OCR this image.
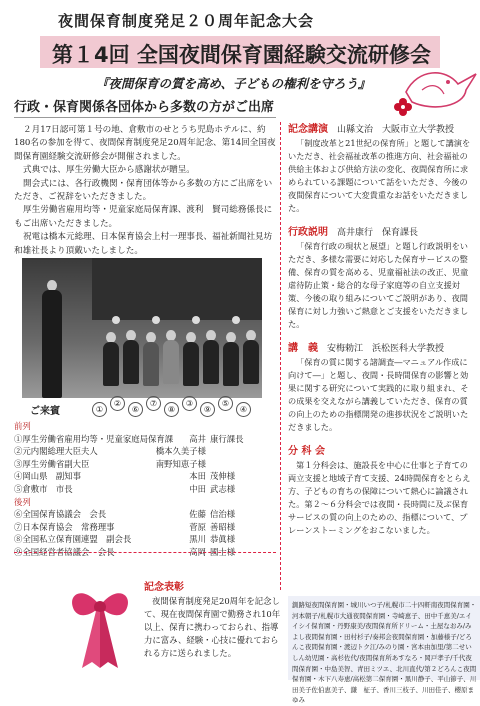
夜間保育制度発足２０周年記念大会
第１4回 全国夜間保育園経験交流研修会
『夜間保育の質を高め、子どもの権利を守ろう』
行政・保育関係各団体から多数の方がご出席

２月17日認可第１号の地、倉敷市のせとうち児島ホテルに、約180名の参加を得て、夜間保育制度発足20周年記念、第14回全国夜間保育園経験交流研修会が開催されました。

式典では、厚生労働大臣から感謝状が贈呈。

開会式には、各行政機関・保育団体等から多数の方にご出席をいただき、ご祝辞をいただきました。

厚生労働省雇用均等・児童家庭局保育課、渡利　賢司総務係長にもご出席いただきました。

祝電は橋本元総理、日本保育協会上村一理事長、福祉新聞社見坊和雄社長より頂戴いたしました。

ご来賓	①
②
⑥
⑦
⑧
③
⑨
⑤
④
前列
①厚生労働省雇用均等・児童家庭局保育課	高井 康行課長
②元内閣総理大臣夫人	橋本久美子様
③厚生労働省副大臣	南野知恵子様
④岡山県　副知事	本田 茂伸様
⑤倉敷市　市長	中田 武志様
後列
⑥全国保育協議会　会長	佐藤 信治様
⑦日本保育協会　常務理事	菅原 善昭様
⑧全国私立保育園連盟　副会長	黒川 恭眞様
⑨全国経営者協議会　会長	高岡 國士様
記念講演　 山縣文治　 大阪市立大学教授

「制度改革と21世紀の保育所」と題して講演をいただき、社会福祉改革の推進方向、社会福祉の供給主体および供給方法の変化、夜間保育所に求められている課題について話をいただき、今後の夜間保育について大変貴重なお話をいただきました。

行政説明　 高井康行　 保育課長

「保育行政の現状と展望」と題し行政説明をいただき、多様な需要に対応した保育サービスの整備、保育の質を高める、児童福祉法の改正、児童虐待防止策・総合的な母子家庭等の自立支援対策、今後の取り組みについてご説明があり、夜間保育に対し力強いご熱意とご支援をいただきました。

講　義　 安梅勅江　 浜松医科大学教授

「保育の質に関する諸調査―マニュアル作成に向けて―」と題し、夜間・長時間保育の影響と効果に関する研究について実践的に取り組まれ、その成果を交えながら講義していただき、保育の質の向上のための指標開発の進捗状況をご説明いただきました。

分 科 会

第１分科会は、施設長を中心に仕事と子育ての両立支援と地域子育て支援、24時間保育をとらえ方、子どもの育ちの保障について熱心に論議された。第２～６分科会では夜間・長時間に及ぶ保育サービスの質の向上のための、指標について、プレーンストーミングをおこないました。

記念表彰

夜間保育制度発足20周年を記念して、現在夜間保育園で勤務され10年以上、保育に携わっておられ、指導力に富み、経験・心技に優れておられる方に送られました。

釧路短夜間保育園・城川いつ子/札幌市二十四軒南夜間保育園・河本朝子/札幌市大通夜間保育園・寺崎恵子、田中千恵美/エイイシイ保育園・丹野康美/夜間保育所ドリーム・土屋なおみ/みよし夜間保育園・田村杉子/奏邦会夜間保育園・加藤様子/どろんこ夜間保育園・渡辺トク江/みのり園・宮本由加里/第二せいしん幼児園・高杉佐代/夜間保育所あすなろ・岡戸孝子/千代夜間保育園・中島美智、青田ミツエ、北川直代/第２どろんこ夜間保育園・木下八寿恵/高松第二保育園・黒川静子、平山節子、川田美子佐伯恵美子、鎌　柾子、香川三枝子、川田佳子、櫻原まゆみ
